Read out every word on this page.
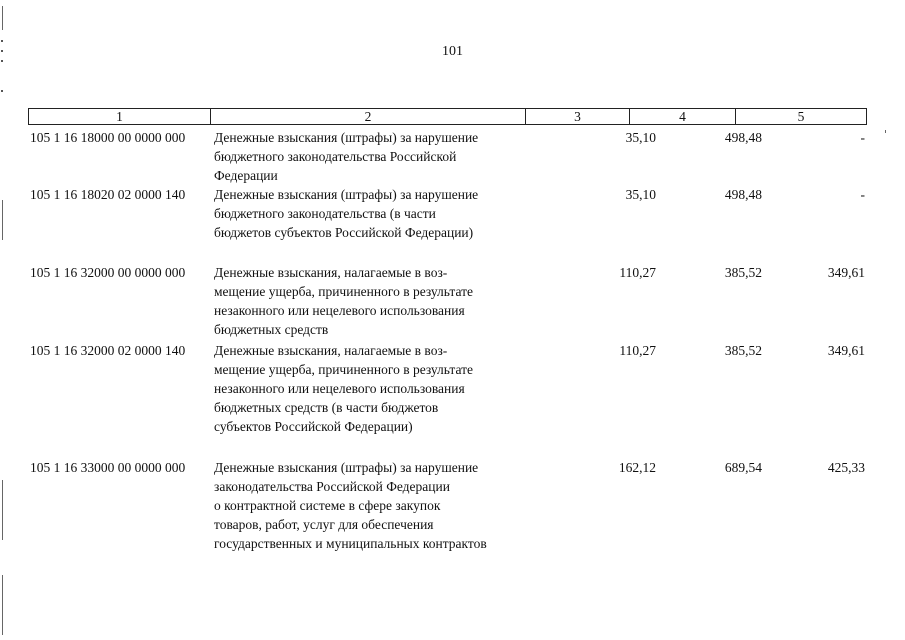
101
1	2	3	4	5
105 1 16 18000 00 0000 000	Денежные взыскания (штрафы) за нарушение
бюджетного законодательства Российской
Федерации
35,10	498,48	-
105 1 16 18020 02 0000 140	Денежные взыскания (штрафы) за нарушение
бюджетного законодательства (в части
бюджетов субъектов Российской Федерации)
35,10	498,48	-
105 1 16 32000 00 0000 000	Денежные взыскания, налагаемые в воз-
мещение ущерба, причиненного в результате
незаконного или нецелевого использования
бюджетных средств
110,27	385,52	349,61
105 1 16 32000 02 0000 140	Денежные взыскания, налагаемые в воз-
мещение ущерба, причиненного в результате
незаконного или нецелевого использования
бюджетных средств (в части бюджетов
субъектов Российской Федерации)
110,27	385,52	349,61
105 1 16 33000 00 0000 000	Денежные взыскания (штрафы) за нарушение
законодательства Российской Федерации
о контрактной системе в сфере закупок
товаров, работ, услуг для обеспечения
государственных и муниципальных контрактов
162,12	689,54	425,33
